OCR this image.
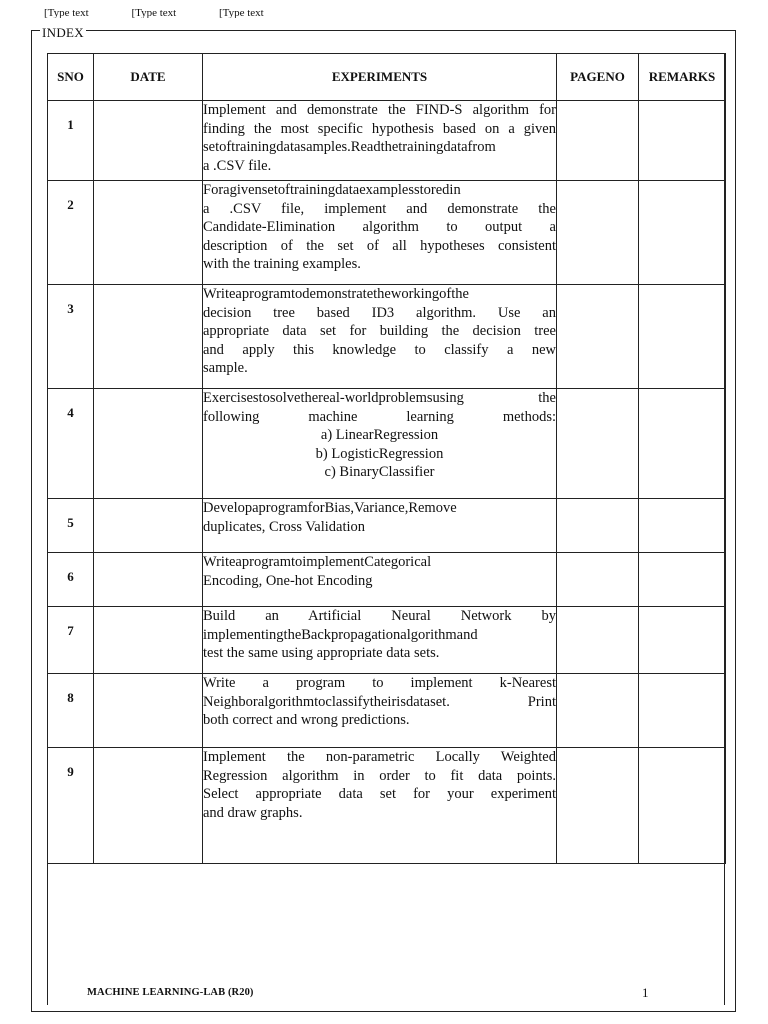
[Type text	[Type text	[Type text
INDEX
SNO	DATE	EXPERIMENTS	PAGENO	REMARKS

1		Implement and demonstrate the FIND-S algorithm for
finding the most specific hypothesis based on a given
setoftrainingdatasamples.Readthetrainingdatafrom
a .CSV file.		

2		Foragivensetoftrainingdataexamplesstoredin
a .CSV file, implement and demonstrate the
Candidate-Elimination algorithm to output a
description of the set of all hypotheses consistent
with the training examples.		

3		Writeaprogramtodemonstratetheworkingofthe
decision tree based ID3 algorithm. Use an
appropriate data set for building the decision tree
and apply this knowledge to classify a new
sample.		

4		Exercisestosolvethereal-worldproblemsusing the
following machine learning methods:
a) LinearRegression
b) LogisticRegression
c) BinaryClassifier		

5		DevelopaprogramforBias,Variance,Remove
duplicates, Cross Validation		

6		WriteaprogramtoimplementCategorical
Encoding, One-hot Encoding		

7		Build an Artificial Neural Network by
implementingtheBackpropagationalgorithmand
test the same using appropriate data sets.		

8		Write a program to implement k-Nearest
Neighboralgorithmtoclassifytheirisdataset. Print
both correct and wrong predictions.		

9		Implement the non-parametric Locally Weighted
Regression algorithm in order to fit data points.
Select appropriate data set for your experiment
and draw graphs.		

MACHINE LEARNING-LAB (R20)	1
